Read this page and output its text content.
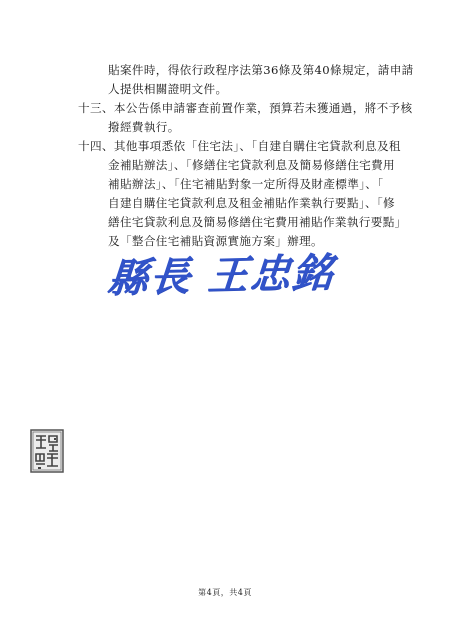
貼案件時，得依行政程序法第36條及第40條規定，請申請
人提供相關證明文件。
十三、本公告係申請審查前置作業，預算若未獲通過，將不予核
撥經費執行。
十四、其他事項悉依「住宅法」、「自建自購住宅貸款利息及租
金補貼辦法」、「修繕住宅貸款利息及簡易修繕住宅費用
補貼辦法」、「住宅補貼對象一定所得及財產標準」、「
自建自購住宅貸款利息及租金補貼作業執行要點」、「修
繕住宅貸款利息及簡易修繕住宅費用補貼作業執行要點」
及「整合住宅補貼資源實施方案」辦理。
縣長 王忠銘
第4頁，共4頁
